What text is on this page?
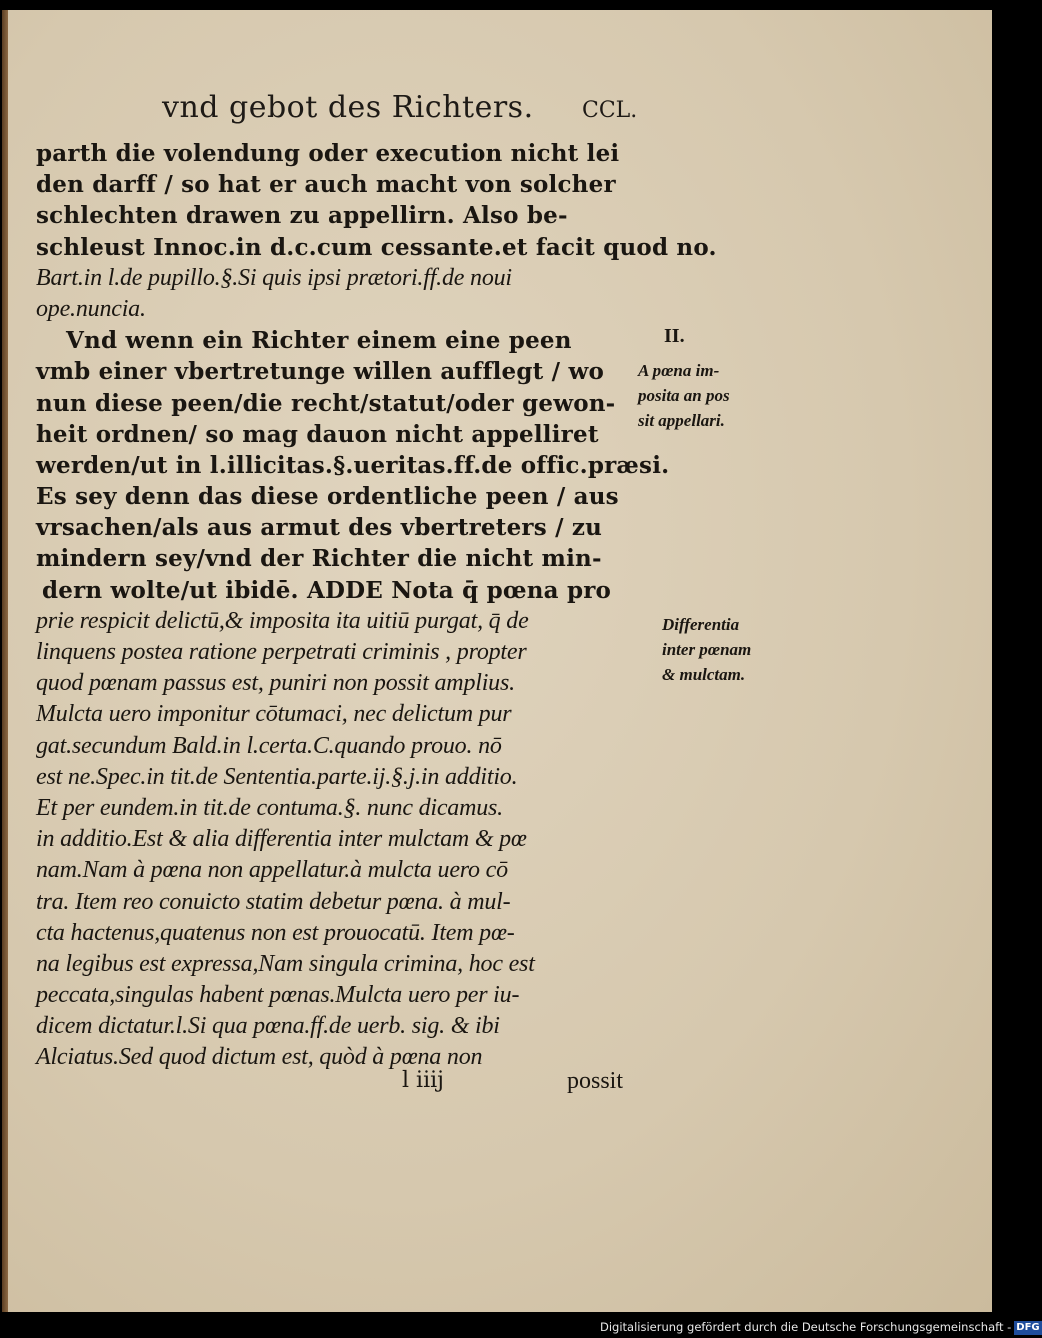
vnd gebot des Richters. CCL.
parth die volendung oder execution nicht lei
den darff / so hat er auch macht von solcher
schlechten drawen zu appellirn. Also be-
schleust Innoc.in d.c.cum cessante.et facit quod no.
Bart.in l.de pupillo.§.Si quis ipsi prætori.ff.de noui
ope.nuncia.
Vnd wenn ein Richter einem eine peen
vmb einer vbertretunge willen aufflegt / wo
nun diese peen/die recht/statut/oder gewon-
heit ordnen/ so mag dauon nicht appelliret
werden/ut in l.illicitas.§.ueritas.ff.de offic.præsi.
Es sey denn das diese ordentliche peen / aus
vrsachen/als aus armut des vbertreters / zu
mindern sey/vnd der Richter die nicht min-
dern wolte/ut ibidē. ADDE Nota q̄ pœna pro
prie respicit delictū,& imposita ita uitiū purgat, q̄ de
linquens postea ratione perpetrati criminis , propter
quod pœnam passus est, puniri non possit amplius.
Mulcta uero imponitur cōtumaci, nec delictum pur
gat.secundum Bald.in l.certa.C.quando prouo. nō
est ne.Spec.in tit.de Sententia.parte.ij.§.j.in additio.
Et per eundem.in tit.de contuma.§. nunc dicamus.
in additio.Est & alia differentia inter mulctam & pœ
nam.Nam à pœna non appellatur.à mulcta uero cō
tra. Item reo conuicto statim debetur pœna. à mul-
cta hactenus,quatenus non est prouocatū. Item pœ-
na legibus est expressa,Nam singula crimina, hoc est
peccata,singulas habent pœnas.Mulcta uero per iu-
dicem dictatur.l.Si qua pœna.ff.de uerb. sig. & ibi
Alciatus.Sed quod dictum est, quòd à pœna non
II.
A pœna im-
posita an pos
sit appellari.
Differentia
inter pœnam
& mulctam.
l iiij	possit
Digitalisierung gefördert durch die Deutsche Forschungsgemeinschaft - DFG
